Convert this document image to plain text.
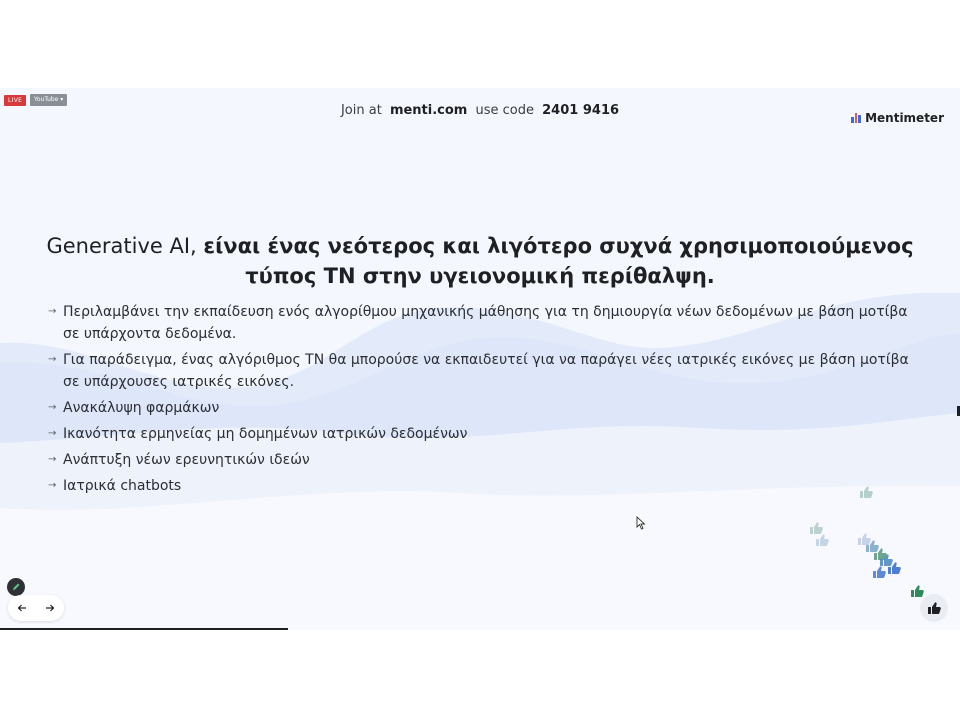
LIVE	YouTube ▾
Join at menti.com use code 2401 9416	Mentimeter
Generative AI, είναι ένας νεότερος και λιγότερο συχνά χρησιμοποιούμενος τύπος ΤΝ στην υγειονομική περίθαλψη.
→ Περιλαμβάνει την εκπαίδευση ενός αλγορίθμου μηχανικής μάθησης για τη δημιουργία νέων δεδομένων με βάση μοτίβα σε υπάρχοντα δεδομένα.
→ Για παράδειγμα, ένας αλγόριθμος ΤΝ θα μπορούσε να εκπαιδευτεί για να παράγει νέες ιατρικές εικόνες με βάση μοτίβα σε υπάρχουσες ιατρικές εικόνες.
→ Ανακάλυψη φαρμάκων
→ Ικανότητα ερμηνείας μη δομημένων ιατρικών δεδομένων
→ Ανάπτυξη νέων ερευνητικών ιδεών
→ Ιατρικά chatbots
